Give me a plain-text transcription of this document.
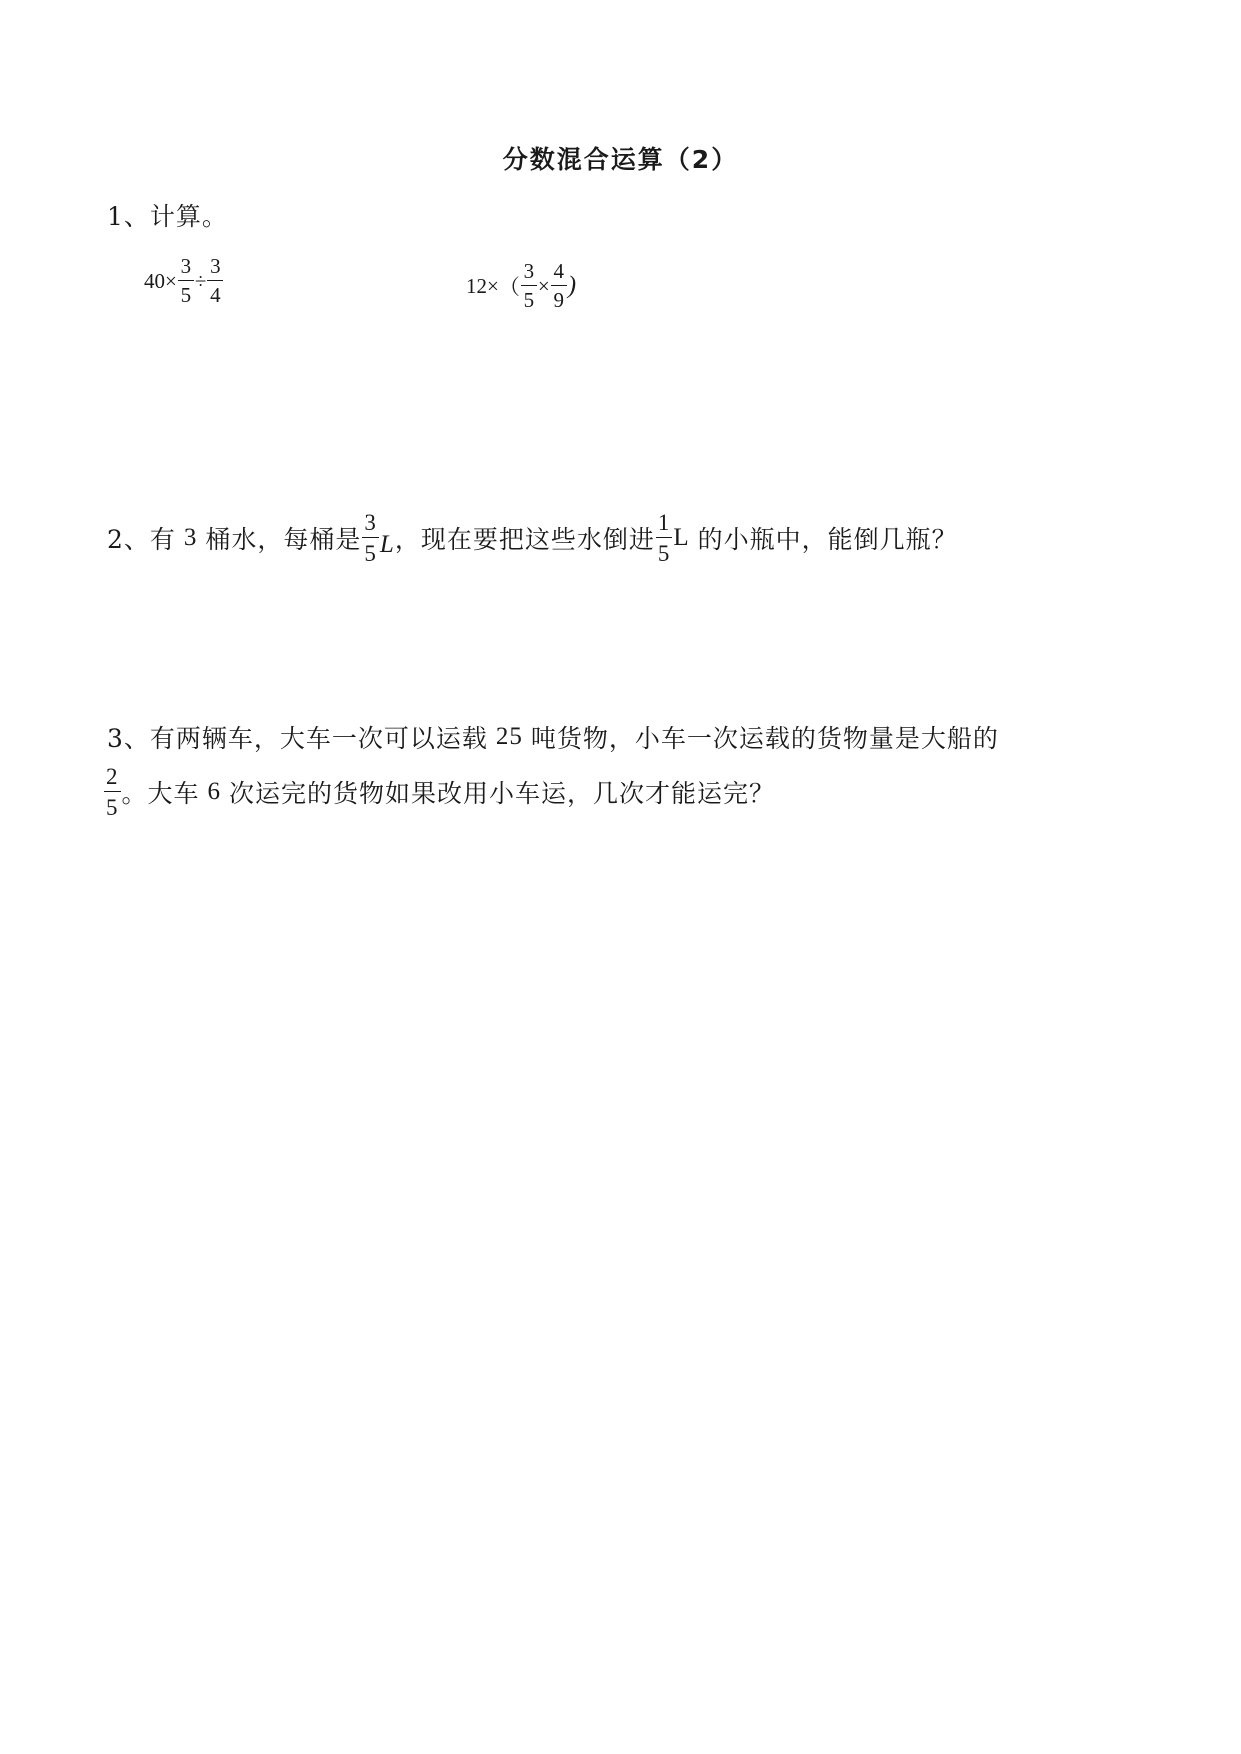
分数混合运算（2）
1、计算。
$40 \times \frac{3}{5} \div \frac{3}{4}$	12 × （ $\frac{3}{5} \times \frac{4}{9}$ )
2、有 3 桶水，每桶是 $\frac{3}{5}$ L ，现在要把这些水倒进 $\frac{1}{5}$ L 的小瓶中，能倒几瓶？
3、有两辆车，大车一次可以运载 25 吨货物，小车一次运载的货物量是大船的
$\frac{2}{5}$ 。大车 6 次运完的货物如果改用小车运，几次才能运完？
